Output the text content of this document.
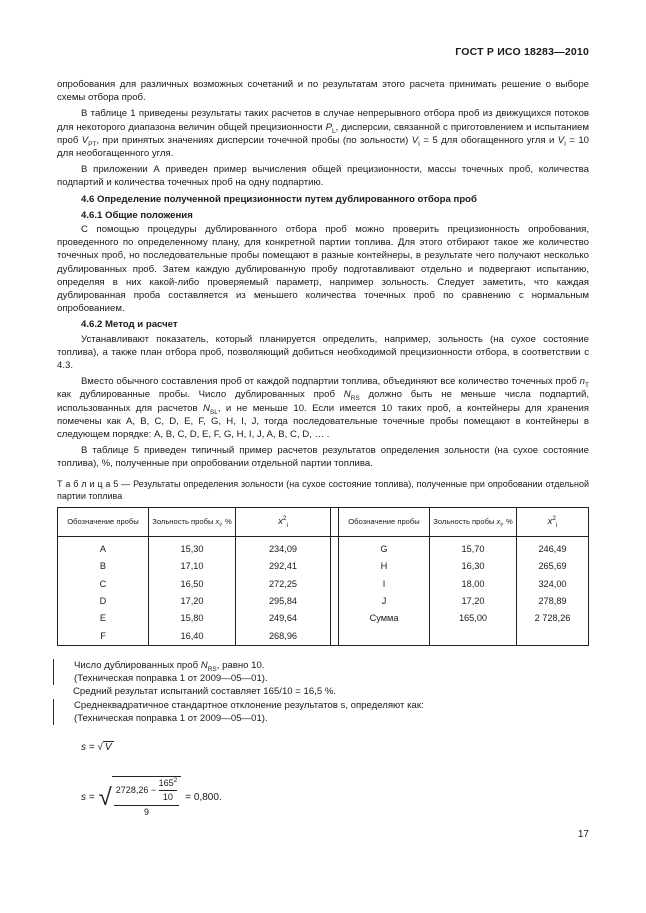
ГОСТ Р ИСО 18283—2010

опробования для различных возможных сочетаний и по результатам этого расчета принимать решение о выборе схемы отбора проб.

В таблице 1 приведены результаты таких расчетов в случае непрерывного отбора проб из движущихся потоков для некоторого диапазона величин общей прецизионности $P_L$, дисперсии, связанной с приготовлением и испытанием проб $V_{PT}$, при принятых значениях дисперсии точечной пробы (по зольности) $V_I = 5$ для обогащенного угля и $V_I = 10$ для необогащенного угля.

В приложении А приведен пример вычисления общей прецизионности, массы точечных проб, количества подпартий и количества точечных проб на одну подпартию.

4.6 Определение полученной прецизионности путем дублированного отбора проб

4.6.1 Общие положения

С помощью процедуры дублированного отбора проб можно проверить прецизионность опробования, проведенного по определенному плану, для конкретной партии топлива. Для этого отбирают такое же количество точечных проб, но последовательные пробы помещают в разные контейнеры, в результате чего получают несколько дублированных проб. Затем каждую дублированную пробу подготавливают отдельно и подвергают испытанию, определяя в них какой-либо проверяемый параметр, например зольность. Следует заметить, что каждая дублированная проба составляется из меньшего количества точечных проб по сравнению с нормальным опробованием.

4.6.2 Метод и расчет

Устанавливают показатель, который планируется определить, например, зольность (на сухое состояние топлива), а также план отбора проб, позволяющий добиться необходимой прецизионности отбора, в соответствии с 4.3.

Вместо обычного составления проб от каждой подпартии топлива, объединяют все количество точечных проб $n_T$ как дублированные пробы. Число дублированных проб $N_{RS}$ должно быть не меньше числа подпартий, использованных для расчетов $N_{SL}$, и не меньше 10. Если имеется 10 таких проб, а контейнеры для хранения помечены как A, B, C, D, E, F, G, H, I, J, тогда последовательные точечные пробы помещают в контейнеры в следующем порядке: A, B, C, D, E, F, G, H, I, J, A, B, C, D, … .

В таблице 5 приведен типичный пример расчетов результатов определения зольности (на сухое состояние топлива), %, полученные при опробовании отдельной партии топлива.

Т а б л и ц а 5 — Результаты определения зольности (на сухое состояние топлива), полученные при опробовании отдельной партии топлива

Обозначение пробы	Зольность пробы $x_i$, %	$x^2_i$		Обозначение пробы	Зольность пробы $x_i$, %	$x^2_i$

A	15,30	234,09		G	15,70	246,49
B	17,10	292,41		H	16,30	265,69
C	16,50	272,25		I	18,00	324,00
D	17,20	295,84		J	17,20	278,89
E	15,80	249,64		Сумма	165,00	2 728,26
F	16,40	268,96				

Число дублированных проб $N_{RS}$, равно 10.

(Техническая поправка 1 от 2009—05—01).

Средний результат испытаний составляет 165/10 = 16,5 %.

Среднеквадратичное стандартное отклонение результатов s, определяют как:

(Техническая поправка 1 от 2009—05—01).

s = √ V
s = √ 2728,26 −
$\frac{165^2}{10}$
9 = 0,800.
17
